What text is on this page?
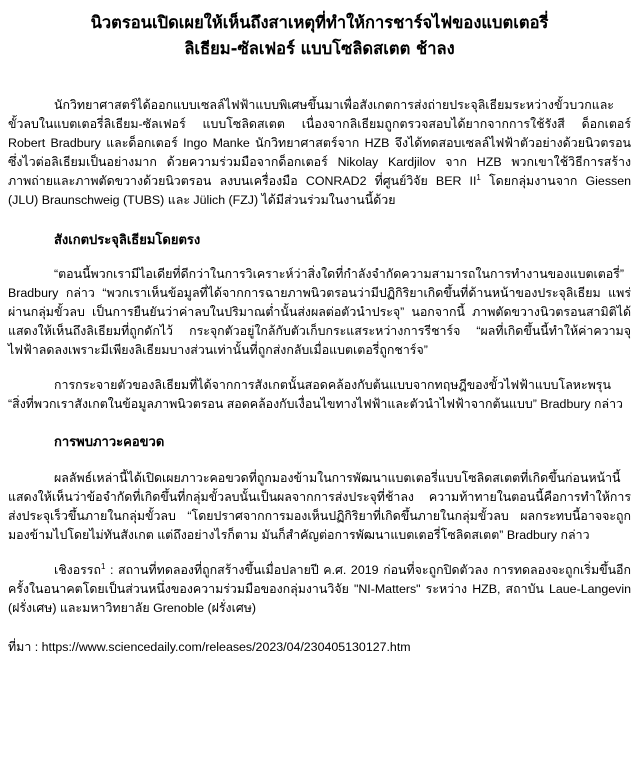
นิวตรอนเปิดเผยให้เห็นถึงสาเหตุที่ทำให้การชาร์จไฟของแบตเตอรี่
ลิเธียม-ซัลเฟอร์ แบบโซลิดสเตต ช้าลง

นักวิทยาศาสตร์ได้ออกแบบเซลล์ไฟฟ้าแบบพิเศษขึ้นมาเพื่อสังเกตการส่งถ่ายประจุลิเธียมระหว่างขั้วบวกและขั้วลบในแบตเตอรี่ลิเธียม-ซัลเฟอร์ แบบโซลิดสเตต เนื่องจากลิเธียมถูกตรวจสอบได้ยากจากการใช้รังสี ด็อกเตอร์ Robert Bradbury และด็อกเตอร์ Ingo Manke นักวิทยาศาสตร์จาก HZB จึงได้ทดสอบเซลล์ไฟฟ้าตัวอย่างด้วยนิวตรอนซึ่งไวต่อลิเธียมเป็นอย่างมาก ด้วยความร่วมมือจากด็อกเตอร์ Nikolay Kardjilov จาก HZB พวกเขาใช้วิธีการสร้างภาพถ่ายและภาพตัดขวางด้วยนิวตรอน ลงบนเครื่องมือ CONRAD2 ที่ศูนย์วิจัย BER $II^1$ โดยกลุ่มงานจาก Giessen (JLU) Braunschweig (TUBS) และ Jülich (FZJ) ได้มีส่วนร่วมในงานนี้ด้วย

สังเกตประจุลิเธียมโดยตรง

“ตอนนี้พวกเรามีไอเดียที่ดีกว่าในการวิเคราะห์ว่าสิ่งใดที่กำลังจำกัดความสามารถในการทำงานของแบตเตอรี่” Bradbury กล่าว “พวกเราเห็นข้อมูลที่ได้จากการฉายภาพนิวตรอนว่ามีปฏิกิริยาเกิดขึ้นที่ด้านหน้าของประจุลิเธียม แพร่ผ่านกลุ่มขั้วลบ เป็นการยืนยันว่าค่าลบในปริมาณต่ำนั้นส่งผลต่อตัวนำประจุ” นอกจากนี้ ภาพตัดขวางนิวตรอนสามิติได้แสดงให้เห็นถึงลิเธียมที่ถูกดักไว้ กระจุกตัวอยู่ใกล้กับตัวเก็บกระแสระหว่างการรีชาร์จ “ผลที่เกิดขึ้นนี้ทำให้ค่าความจุไฟฟ้าลดลงเพราะมีเพียงลิเธียมบางส่วนเท่านั้นที่ถูกส่งกลับเมื่อแบตเตอรี่ถูกชาร์จ”

การกระจายตัวของลิเธียมที่ได้จากการสังเกตนั้นสอดคล้องกับต้นแบบจากทฤษฎีของขั้วไฟฟ้าแบบโลหะพรุน “สิ่งที่พวกเราสังเกตในข้อมูลภาพนิวตรอน สอดคล้องกับเงื่อนไขทางไฟฟ้าและตัวนำไฟฟ้าจากต้นแบบ” Bradbury กล่าว

การพบภาวะคอขวด

ผลลัพธ์เหล่านี้ได้เปิดเผยภาวะคอขวดที่ถูกมองข้ามในการพัฒนาแบตเตอรี่แบบโซลิดสเตตที่เกิดขึ้นก่อนหน้านี้ แสดงให้เห็นว่าข้อจำกัดที่เกิดขึ้นที่กลุ่มขั้วลบนั้นเป็นผลจากการส่งประจุที่ช้าลง ความท้าทายในตอนนี้คือการทำให้การส่งประจุเร็วขึ้นภายในกลุ่มขั้วลบ “โดยปราศจากการมองเห็นปฏิกิริยาที่เกิดขึ้นภายในกลุ่มขั้วลบ ผลกระทบนี้อาจจะถูกมองข้ามไปโดยไม่ทันสังเกต แต่ถึงอย่างไรก็ตาม มันก็สำคัญต่อการพัฒนาแบตเตอรี่โซลิดสเตต” Bradbury กล่าว

เชิงอรรถ$^1$ : สถานที่ทดลองที่ถูกสร้างขึ้นเมื่อปลายปี ค.ศ. 2019 ก่อนที่จะถูกปิดตัวลง การทดลองจะถูกเริ่มขึ้นอีกครั้งในอนาคตโดยเป็นส่วนหนึ่งของความร่วมมือของกลุ่มงานวิจัย "NI-Matters" ระหว่าง HZB, สถาบัน Laue-Langevin (ฝรั่งเศษ) และมหาวิทยาลัย Grenoble (ฝรั่งเศษ)

ที่มา : https://www.sciencedaily.com/releases/2023/04/230405130127.htm
